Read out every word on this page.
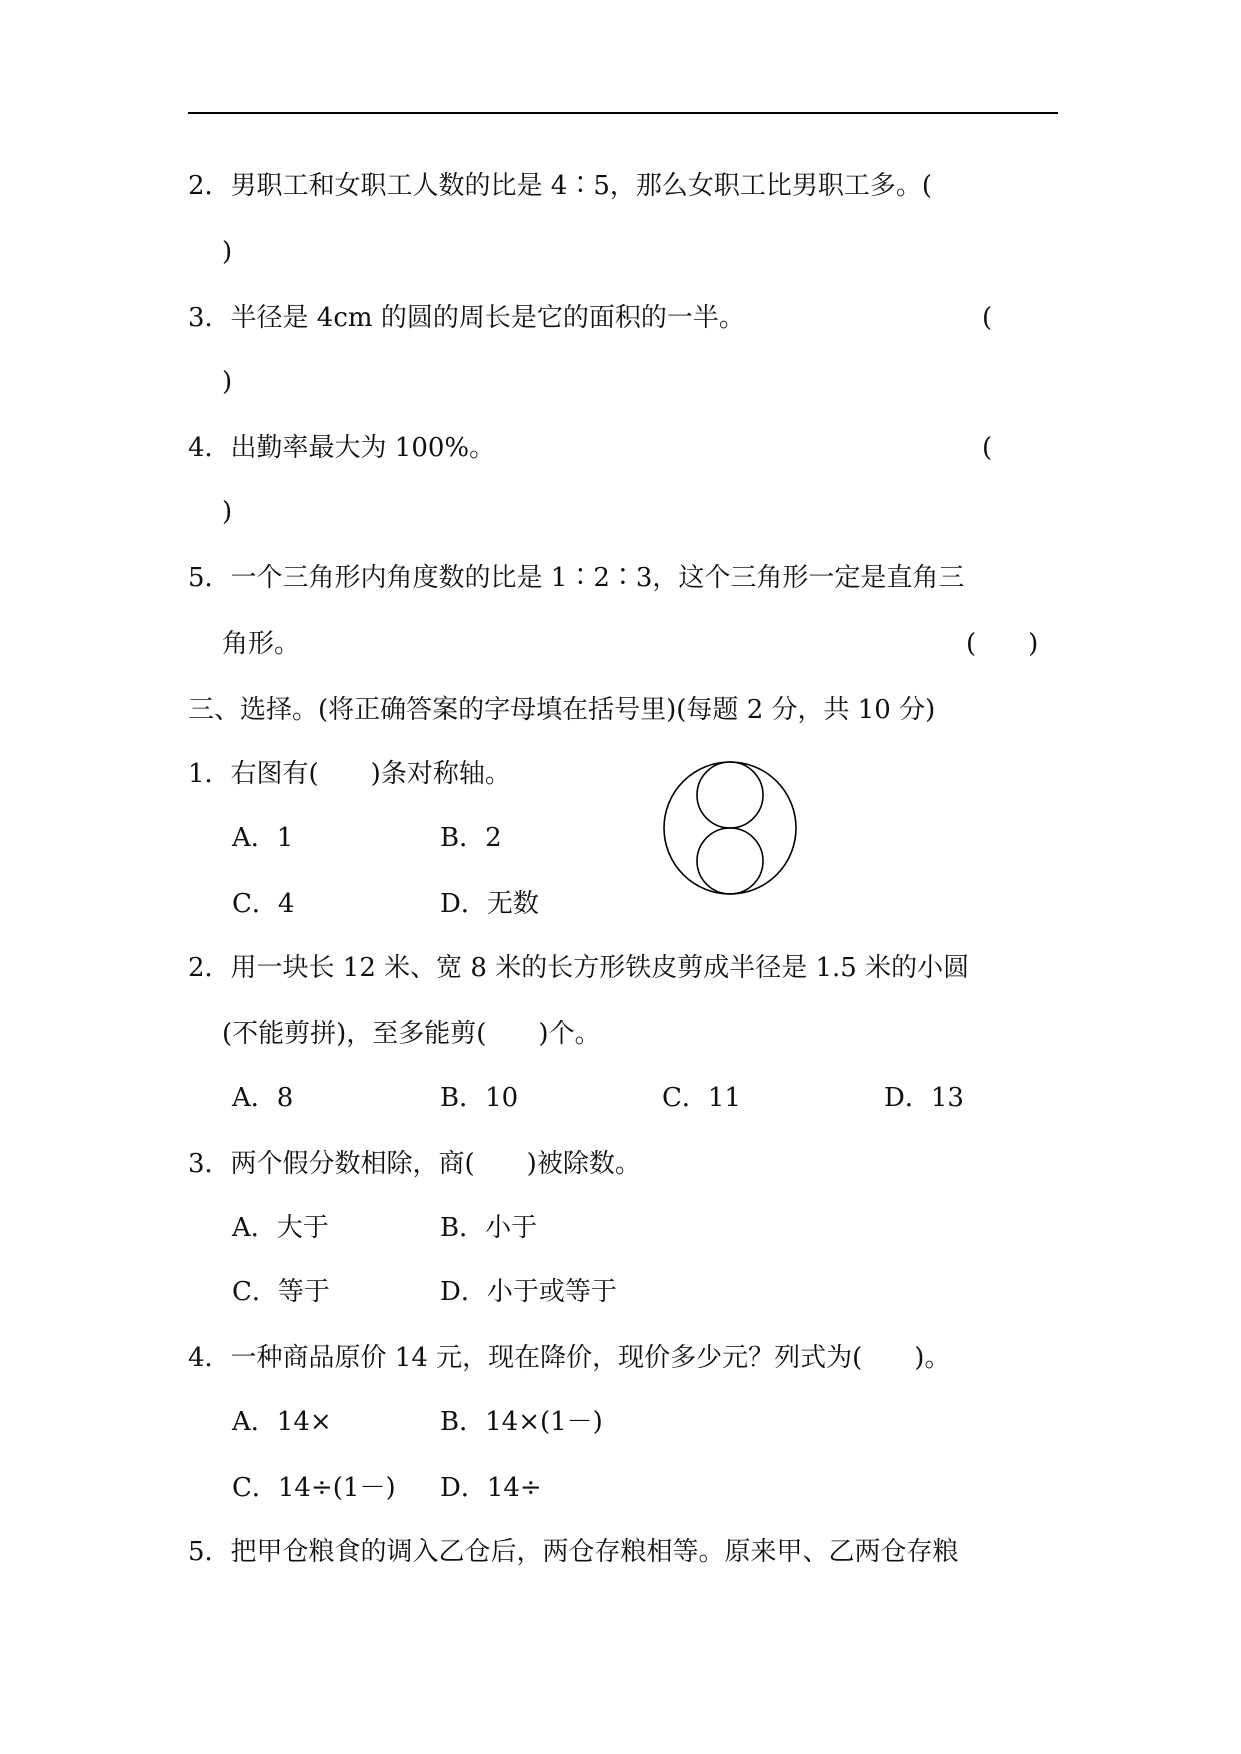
2．男职工和女职工人数的比是 4∶5，那么女职工比男职工多。(
)
3．半径是 4cm 的圆的周长是它的面积的一半。	(
)
4．出勤率最大为 100%。	(
)
5．一个三角形内角度数的比是 1∶2∶3，这个三角形一定是直角三
角形。	(　　)
三、选择。(将正确答案的字母填在括号里)(每题 2 分，共 10 分)
1．右图有(　　)条对称轴。
A．1	B．2
C．4	D．无数
2．用一块长 12 米、宽 8 米的长方形铁皮剪成半径是 1.5 米的小圆
(不能剪拼)，至多能剪(　　)个。
A．8	B．10	C．11	D．13
3．两个假分数相除，商(　　)被除数。
A．大于	B．小于
C．等于	D．小于或等于
4．一种商品原价 14 元，现在降价，现价多少元？列式为(　　)。
A．14×	B．14×(1－)
C．14÷(1－) D．14÷
5．把甲仓粮食的调入乙仓后，两仓存粮相等。原来甲、乙两仓存粮
